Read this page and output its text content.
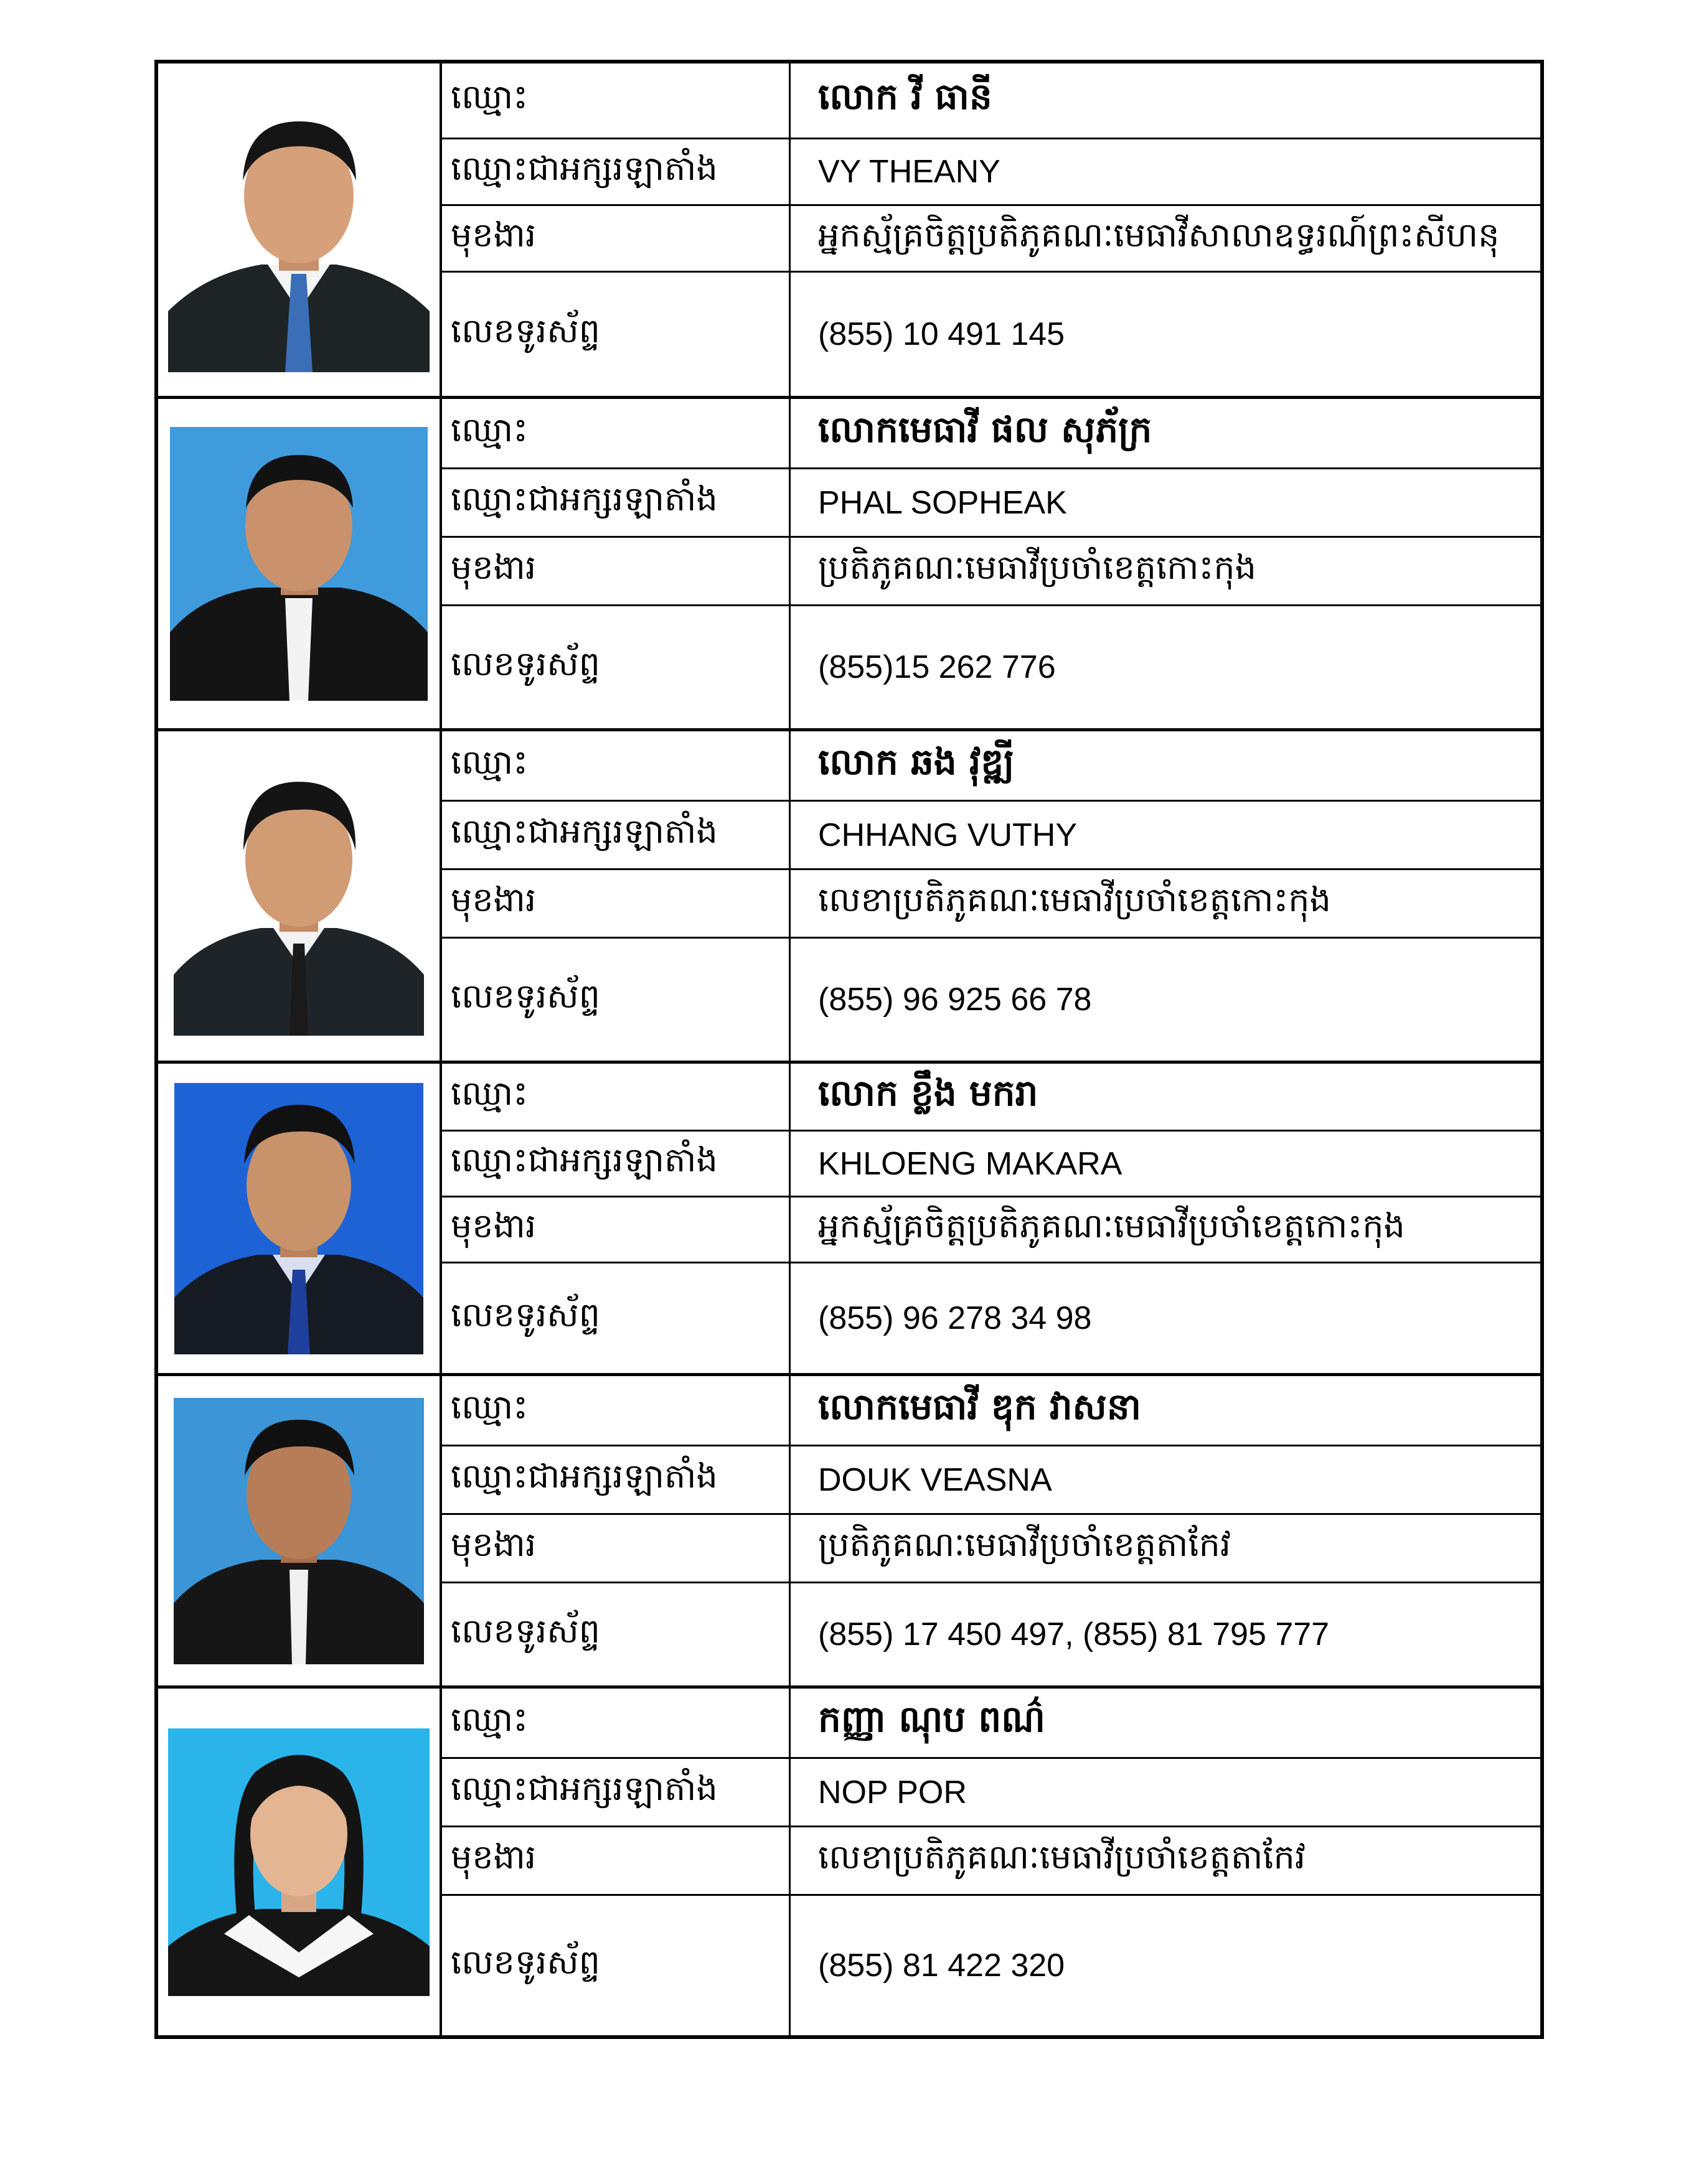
ឈ្មោះ	លោក វី ធានី
ឈ្មោះជាអក្សរឡាតាំង	VY THEANY
មុខងារ	អ្នកស្ម័គ្រចិត្តប្រតិភូគណៈមេធាវីសាលាឧទ្ធរណ៍ព្រះសីហនុ
លេខទូរស័ព្ទ	(855) 10 491 145
ឈ្មោះ	លោកមេធាវី ផល សុភ័ក្រ
ឈ្មោះជាអក្សរឡាតាំង	PHAL SOPHEAK
មុខងារ	ប្រតិភូគណៈមេធាវីប្រចាំខេត្តកោះកុង
លេខទូរស័ព្ទ	(855)15 262 776
ឈ្មោះ	លោក ឆង វុឌ្ឍី
ឈ្មោះជាអក្សរឡាតាំង	CHHANG VUTHY
មុខងារ	លេខាប្រតិភូគណៈមេធាវីប្រចាំខេត្តកោះកុង
លេខទូរស័ព្ទ	(855) 96 925 66 78
ឈ្មោះ	លោក ខ្លឹង មករា
ឈ្មោះជាអក្សរឡាតាំង	KHLOENG MAKARA
មុខងារ	អ្នកស្ម័គ្រចិត្តប្រតិភូគណៈមេធាវីប្រចាំខេត្តកោះកុង
លេខទូរស័ព្ទ	(855) 96 278 34 98
ឈ្មោះ	លោកមេធាវី ឌុក វាសនា
ឈ្មោះជាអក្សរឡាតាំង	DOUK VEASNA
មុខងារ	ប្រតិភូគណៈមេធាវីប្រចាំខេត្តតាកែវ
លេខទូរស័ព្ទ	(855) 17 450 497, (855) 81 795 777
ឈ្មោះ	កញ្ញា ណុប ពណ៌
ឈ្មោះជាអក្សរឡាតាំង	NOP POR
មុខងារ	លេខាប្រតិភូគណៈមេធាវីប្រចាំខេត្តតាកែវ
លេខទូរស័ព្ទ	(855) 81 422 320
